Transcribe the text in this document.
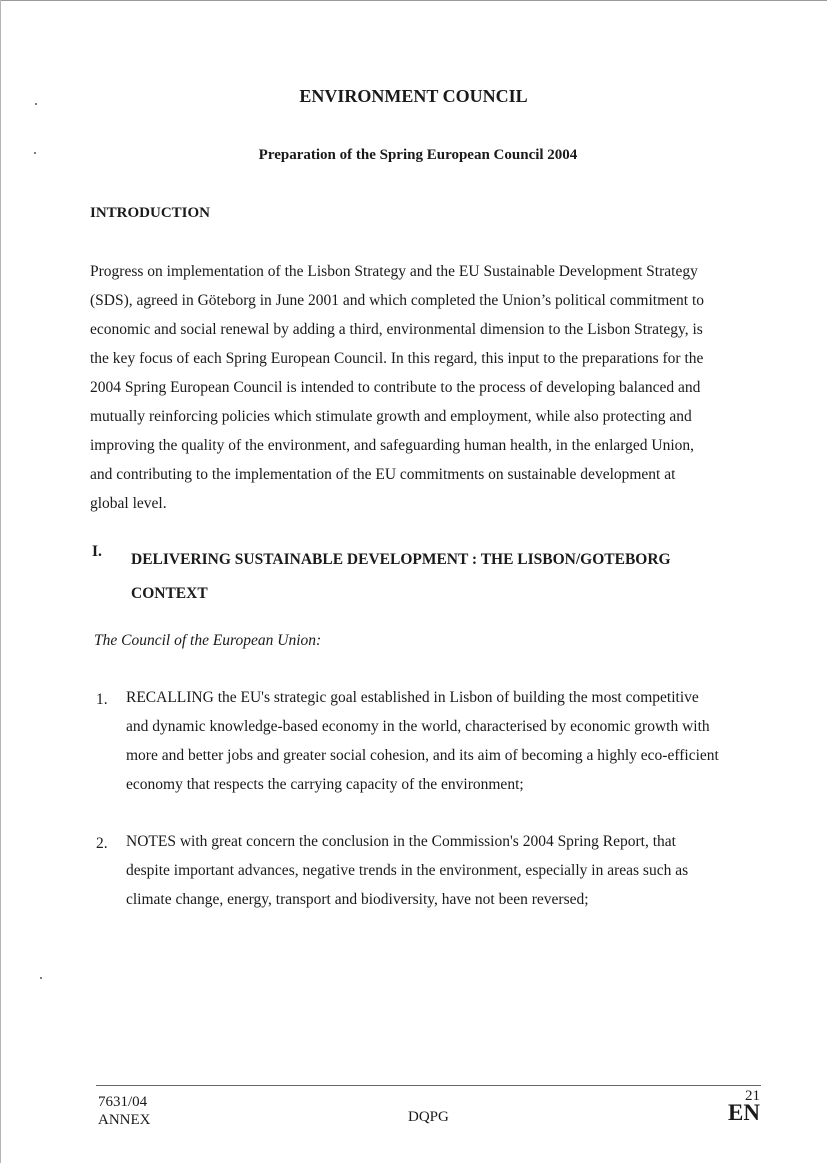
ENVIRONMENT COUNCIL
Preparation of the Spring European Council 2004
INTRODUCTION
Progress on implementation of the Lisbon Strategy and the EU Sustainable Development Strategy
(SDS), agreed in Göteborg in June 2001 and which completed the Union’s political commitment to
economic and social renewal by adding a third, environmental dimension to the Lisbon Strategy, is
the key focus of each Spring European Council. In this regard, this input to the preparations for the
2004 Spring European Council is intended to contribute to the process of developing balanced and
mutually reinforcing policies which stimulate growth and employment, while also protecting and
improving the quality of the environment, and safeguarding human health, in the enlarged Union,
and contributing to the implementation of the EU commitments on sustainable development at
global level.
I. DELIVERING SUSTAINABLE DEVELOPMENT : THE LISBON/GOTEBORG
CONTEXT
The Council of the European Union:
1. RECALLING the EU's strategic goal established in Lisbon of building the most competitive
and dynamic knowledge-based economy in the world, characterised by economic growth with
more and better jobs and greater social cohesion, and its aim of becoming a highly eco-efficient
economy that respects the carrying capacity of the environment;
2. NOTES with great concern the conclusion in the Commission's 2004 Spring Report, that
despite important advances, negative trends in the environment, especially in areas such as
climate change, energy, transport and biodiversity, have not been reversed;
7631/04
ANNEX	DQPG
21
EN
